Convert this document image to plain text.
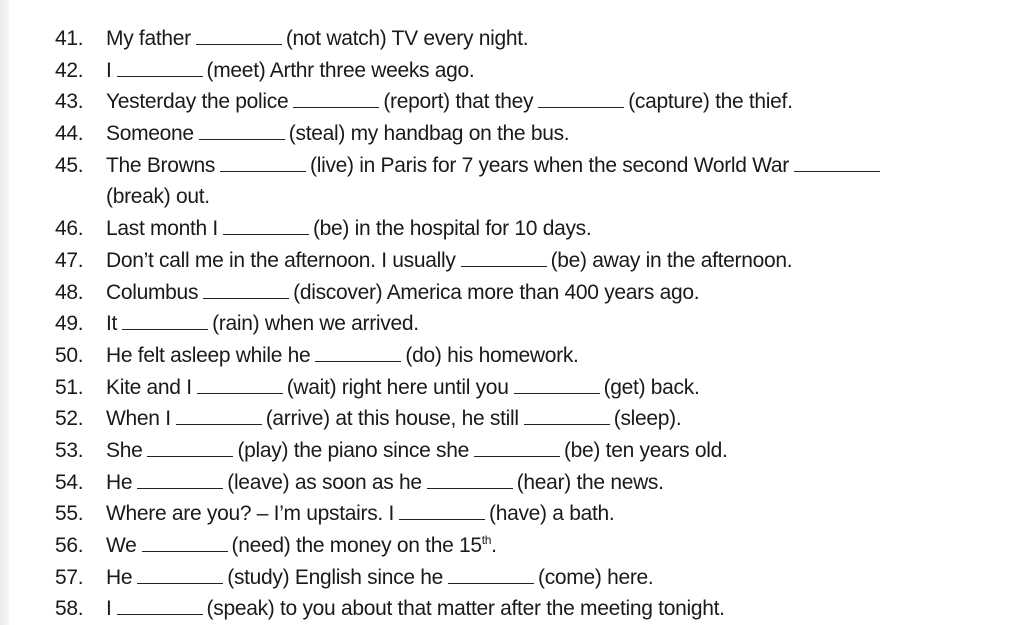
41.	My father	(not watch) TV every night.
42.	I	(meet) Arthr three weeks ago.
43.	Yesterday the police	(report) that they	(capture) the thief.
44.	Someone	(steal) my handbag on the bus.
45.	The Browns	(live) in Paris for 7 years when the second World War
(break) out.
46.	Last month I	(be) in the hospital for 10 days.
47.	Don’t call me in the afternoon. I usually	(be) away in the afternoon.
48.	Columbus	(discover) America more than 400 years ago.
49.	It	(rain) when we arrived.
50.	He felt asleep while he	(do) his homework.
51.	Kite and I	(wait) right here until you	(get) back.
52.	When I	(arrive) at this house, he still	(sleep).
53.	She	(play) the piano since she	(be) ten years old.
54.	He	(leave) as soon as he	(hear) the news.
55.	Where are you? – I’m upstairs. I	(have) a bath.
56.	We	(need) the money on the 15th.
57.	He	(study) English since he	(come) here.
58.	I	(speak) to you about that matter after the meeting tonight.
